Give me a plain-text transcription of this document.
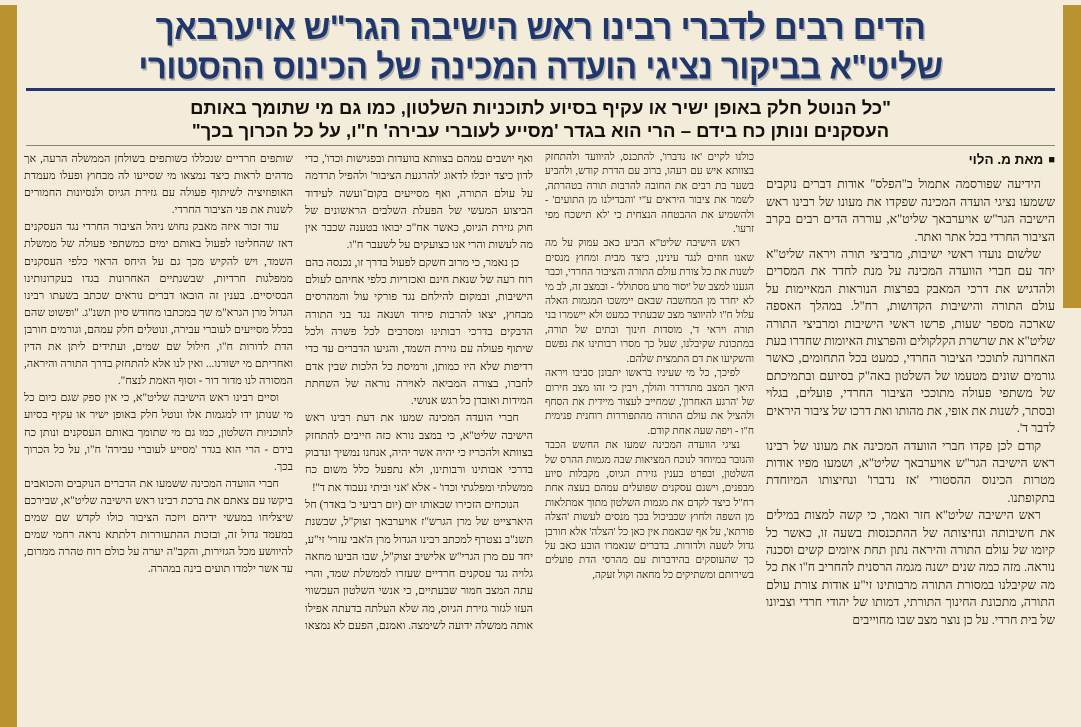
הדים רבים לדברי רבינו ראש הישיבה הגר"ש אויערבאך
שליט"א בביקור נציגי הועדה המכינה של הכינוס ההסטורי
"כל הנוטל חלק באופן ישיר או עקיף בסיוע לתוכניות השלטון, כמו גם מי שתומך באותם
העסקנים ונותן כח בידם – הרי הוא בגדר 'מסייע לעוברי עבירה' ח"ו, על כל הכרוך בכך"
■מאת מ. הלוי

הידיעה שפורסמה אתמול ב"הפלס" אודות דברים נוקבים ששמעו נציגי הועדה המכינה שפקדו את מעונו של רבינו ראש הישיבה הגר"ש אויערבאך שליט"א, עוררה הדים רבים בקרב הציבור החרדי בכל אתר ואתר.

שלשום נועדו ראשי ישיבות, מרביצי תורה ויראה שליט"א יחד עם חברי הוועדה המכינה על מנת לחדד את המסרים ולהדגיש את דרכי המאבק בפרצות הנוראות המאיימות על עולם התורה והישיבות הקדושות, רח"ל. במהלך האספה שארכה מספר שעות, פרשו ראשי הישיבות ומרביצי התורה שליט"א את שרשרת הקלקולים והפרצות האיומות שחדרו בעת האחרונה לתוככי הציבור החרדי, כמעט בכל התחומים, כאשר גורמים שונים מטעמו של השלטון באה"ק בסיועם ובתמיכתם של משתפי פעולה מתוככי הציבור החרדי, פועלים, בגלוי ובסתר, לשנות את אופי, את מהותו ואת דרכו של ציבור היראים לדבר ד'.

קודם לכן פקדו חברי הוועדה המכינה את מעונו של רבינו ראש הישיבה הגר"ש אויערבאך שליט"א, ושמעו מפיו אודות מטרות הכינוס ההסטורי 'אז נדברו' ונחיצותו המיוחדת בתקופתנו.

ראש הישיבה שליט"א חזר ואמר, כי קשה למצות במילים את חשיבותה ונחיצותה של ההתכנסות בשעה זו, כאשר כל קיומו של עולם התורה והיראה נתון תחת איומים קשים וסכנה נוראה. מזה כמה שנים ישנה מגמה הרסנית להחריב ח"ו את כל מה שקיבלנו במסורת התורה מרבותינו זי"ע אודות צורת עולם התורה, מתכונת החינוך התורתי, דמותו של יהודי חרדי וצביונו של בית חרדי. על כן נוצר מצב שבו מחוייבים

כולנו לקיים 'אז נדברו', להתכנס, להיוועד ולהתחזק בצוותא איש עם רעהו, ברוב עם הדרת קודש, ולהביע בשער בת רבים את החובה להרבות תורה בטהרתה, לשמר את ציבור היראים ע"י 'והבדילנו מן התועים' - ולהשמיע את ההבטחה הנצחית כי 'לא תישכח מפי זרעו'.

ראש הישיבה שליט"א הביע כאב עמוק על מה שאנו חוזים לנגד עינינו, כיצד מבית ומחוץ מנסים לשנות את כל צורת עולם התורה והציבור החרדי, וכבר הגענו למצב של 'יסור מרע מסתולל' - ובמצב זה, לב מי לא יחרד מן המחשבה שבאם יימשכו המגמות האלה עלול ח"ו להיווצר מצב שבעתיד כמעט ולא יישמרו בני תורה ויראי ד', מוסדות חינוך ובתים של תורה, במתכונת שקיבלנו, שעל כך מסרו רבותינו את נפשם והשקיעו את דם התמצית שלהם.

לפיכך, כל מי שעיניו בראשו יתבונן סביבו ויראה היאך המצב מתדרדר והולך, ויבין כי זהו מצב חירום של 'הרגע האחרון', שמחייב לעצור מיידית את הסחף ולהציל את עולם התורה מהתפוררות רוחנית פנימית ח"ו - ויפה שעה אחת קודם.

נציגי הוועדה המכינה שמעו את החשש הכבד והגובר במיוחד לנוכח המציאות שבה מגמות ההרס של השלטון, ובפרט בענין גזירת הגיוס, מקבלות סיוע מבפנים, וישנם עסקנים שפועלים עמהם בעצה אחת רח"ל כיצד לקדם את מגמות השלטון מתוך אמתלאות מן השפה ולחוץ שכביכול בכך מנסים לעשות 'הצלה פורתא', על אף שבאמת אין כאן כל 'הצלה' אלא חורבן גדול לשעה ולדורות. בדברים שנאמרו הובע כאב על כך שהעוסקים בהידברות עם מהרסי הדת פועלים בשירותם ומשתיקים כל מחאה וקול זעקה,

ואף יושבים עמהם בצוותא בוועדות ובפגישות וכדו', כדי לדון כיצד יוכלו לדאוג 'להרגעת הציבור' ולהפיל תרדמה על עולם התורה, ואף מסייעים בקום־ועשה לעידוד הביצוע המעשי של הפעלת השלבים הראשונים של חוק גזירת הגיוס, כאשר אח"כ יבואו בטענה שכבר אין מה לעשות והרי אנו כצועקים על לשעבר ח"ו.

כן נאמר, כי מרוב חשקם לפעול בדרך זו, נכנסה בהם רוח רעה של שנאת חינם ואכזריות כלפי אחיהם לעולם הישיבות, ובמקום להילחם נגד פורקי עול והמהרסים מבחוץ, יצאו להרבות פירוד ושנאה נגד בני התורה הדבקים בדרכי רבותינו ומסרבים לכל פשרה ולכל שיתוף פעולה עם גזירת השמד, והגיעו הדברים עד כדי רדיפות שלא היו כמותן, ורמיסת כל הלכות שבין אדם לחברו, בצורה המביאה לאוירה נוראה של השחתת המידות ואובדן כל רגש אנושי.

חברי הועדה המכינה שמעו את דעת רבינו ראש הישיבה שליט"א, כי במצב נורא כזה חייבים להתחזק בצוותא ולהכריז כי יהיה אשר יהיה, אנחנו נמשיך ונדבוק בדרכי אבותינו ורבותינו, ולא נתפעל כלל משום כח ממשלתי ומפלגתי וכדו' - אלא 'אני וביתי נעבוד את ד''!

הנוכחים הזכירו שבאותו יום (יום רביעי כ' באדר) חל היארצייט של מרן הגרש"ז אויערבאך זצוק"ל, שבשנת תשנ"ב נצטרף למכתב רבינו הגדול מרן ה'אבי עזרי' זי"ע, יחד עם מרן הגרי"ש אלישיב זצוק"ל, שבו הביעו מחאה גלויה נגד עסקנים חרדיים שעזרו לממשלת שמד, והרי עתה המצב חמור שבעתיים, כי אנשי השלטון העכשווי העזו לגזור גזירת הגיוס, מה שלא העלתה בדעתה אפילו אותה ממשלה ידועה לשימצה. ואמנם, הפעם לא נמצאו

שותפים חרדיים שנכללו כשותפים בשולחן הממשלה הרעה, אך מדהים לראות כיצד נמצאו מי שסייעו לה מבחוץ ופעלו מעמדת האופוזיציה לשיתוף פעולה עם גזירת הגיוס ולנסיונות החמורים לשנות את פני הציבור החרדי.

עוד זכור איזה מאבק נחוש ניהל הציבור החרדי נגד העסקנים דאז שהחליטו לפעול באותם ימים כמשתפי פעולה של ממשלת השמד, ויש להקיש מכך גם על היחס הראוי כלפי העסקנים ממפלגות חרדיות, שבשנתיים האחרונות בגדו בעקרונותינו הבסיסיים. בענין זה הובאו דברים נוראים שכתב בשעתו רבינו הגדול מרן הגרא"מ שך במכתבו מחודש סיון תשנ"ג. "ופשוט שהם בכלל מסייעים לעוברי עבירה, ונוטלים חלק עמהם, וגורמים חורבן הדת לדורות ח"ו, חילול שם שמים, ועתידים ליתן את הדין ואחריתם מי ישורנו... ואין לנו אלא להתחזק בדרך התורה והיראה, המסורה לנו מדור דור - וסוף האמת לנצח".

וסיים רבינו ראש הישיבה שליט"א, כי אין ספק שגם כיום כל מי שנותן ידו למגמות אלו ונוטל חלק באופן ישיר או עקיף בסיוע לתוכניות השלטון, כמו גם מי שתומך באותם העסקנים ונותן כח בידם - הרי הוא בגדר 'מסייע לעוברי עבירה' ח"ו, על כל הכרוך בכך.

חברי הוועדה המכינה ששמעו את הדברים הנוקבים והכואבים ביקשו עם צאתם את ברכת רבינו ראש הישיבה שליט"א, שבירכם שיצליחו במעשי ידיהם ויזכה הציבור כולו לקדש שם שמים במעמד גדול זה, ובזכות ההתעוררות דלתתא נראה רחמי שמים להיוושע מכל הגזירות, והקב"ה יערה על כולם רוח טהרה ממרום, עד אשר ילמדו תועים בינה במהרה.
